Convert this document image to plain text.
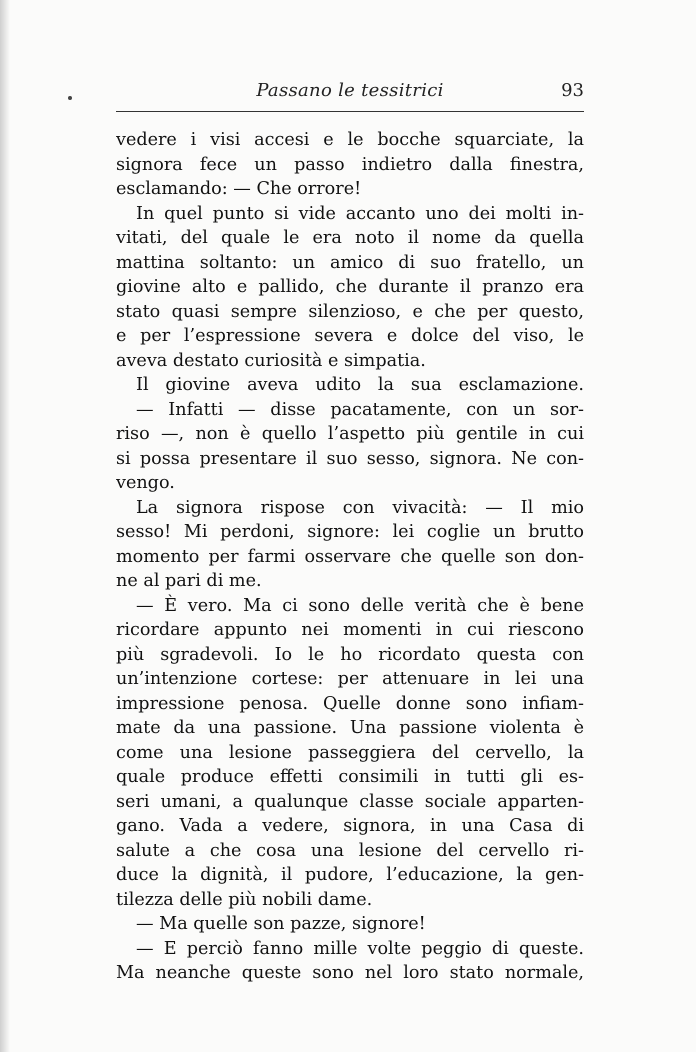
Passano le tessitrici	93
vedere i visi accesi e le bocche squarciate, la
signora fece un passo indietro dalla finestra,
esclamando: — Che orrore!
In quel punto si vide accanto uno dei molti in-
vitati, del quale le era noto il nome da quella
mattina soltanto: un amico di suo fratello, un
giovine alto e pallido, che durante il pranzo era
stato quasi sempre silenzioso, e che per questo,
e per l’espressione severa e dolce del viso, le
aveva destato curiosità e simpatia.
Il giovine aveva udito la sua esclamazione.
— Infatti — disse pacatamente, con un sor-
riso —, non è quello l’aspetto più gentile in cui
si possa presentare il suo sesso, signora. Ne con-
vengo.
La signora rispose con vivacità: — Il mio
sesso! Mi perdoni, signore: lei coglie un brutto
momento per farmi osservare che quelle son don-
ne al pari di me.
— È vero. Ma ci sono delle verità che è bene
ricordare appunto nei momenti in cui riescono
più sgradevoli. Io le ho ricordato questa con
un’intenzione cortese: per attenuare in lei una
impressione penosa. Quelle donne sono infiam-
mate da una passione. Una passione violenta è
come una lesione passeggiera del cervello, la
quale produce effetti consimili in tutti gli es-
seri umani, a qualunque classe sociale apparten-
gano. Vada a vedere, signora, in una Casa di
salute a che cosa una lesione del cervello ri-
duce la dignità, il pudore, l’educazione, la gen-
tilezza delle più nobili dame.
— Ma quelle son pazze, signore!
— E perciò fanno mille volte peggio di queste.
Ma neanche queste sono nel loro stato normale,
